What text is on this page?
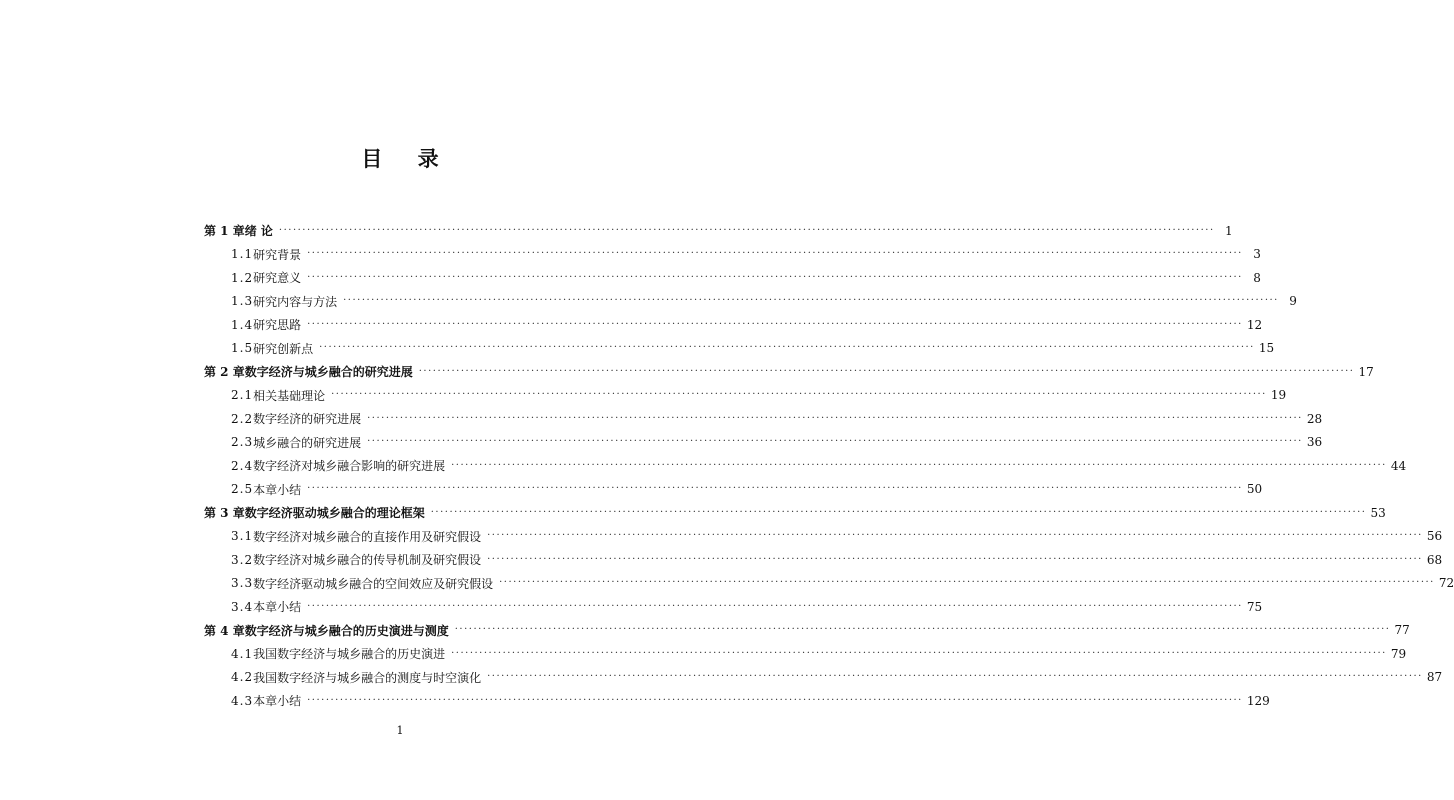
目 录
第 1 章 绪 论 ········································································································································································································ 1
1.1 研究背景 ········································································································································································································ 3
1.2 研究意义 ········································································································································································································ 8
1.3 研究内容与方法 ········································································································································································································ 9
1.4 研究思路 ········································································································································································································ 12
1.5 研究创新点 ········································································································································································································ 15
第 2 章 数字经济与城乡融合的研究进展 ········································································································································································································ 17
2.1 相关基础理论 ········································································································································································································ 19
2.2 数字经济的研究进展 ········································································································································································································ 28
2.3 城乡融合的研究进展 ········································································································································································································ 36
2.4 数字经济对城乡融合影响的研究进展 ········································································································································································································ 44
2.5 本章小结 ········································································································································································································ 50
第 3 章 数字经济驱动城乡融合的理论框架 ········································································································································································································ 53
3.1 数字经济对城乡融合的直接作用及研究假设 ········································································································································································································ 56
3.2 数字经济对城乡融合的传导机制及研究假设 ········································································································································································································ 68
3.3 数字经济驱动城乡融合的空间效应及研究假设 ········································································································································································································ 72
3.4 本章小结 ········································································································································································································ 75
第 4 章 数字经济与城乡融合的历史演进与测度 ········································································································································································································ 77
4.1 我国数字经济与城乡融合的历史演进 ········································································································································································································ 79
4.2 我国数字经济与城乡融合的测度与时空演化 ········································································································································································································ 87
4.3 本章小结 ········································································································································································································ 129
1
